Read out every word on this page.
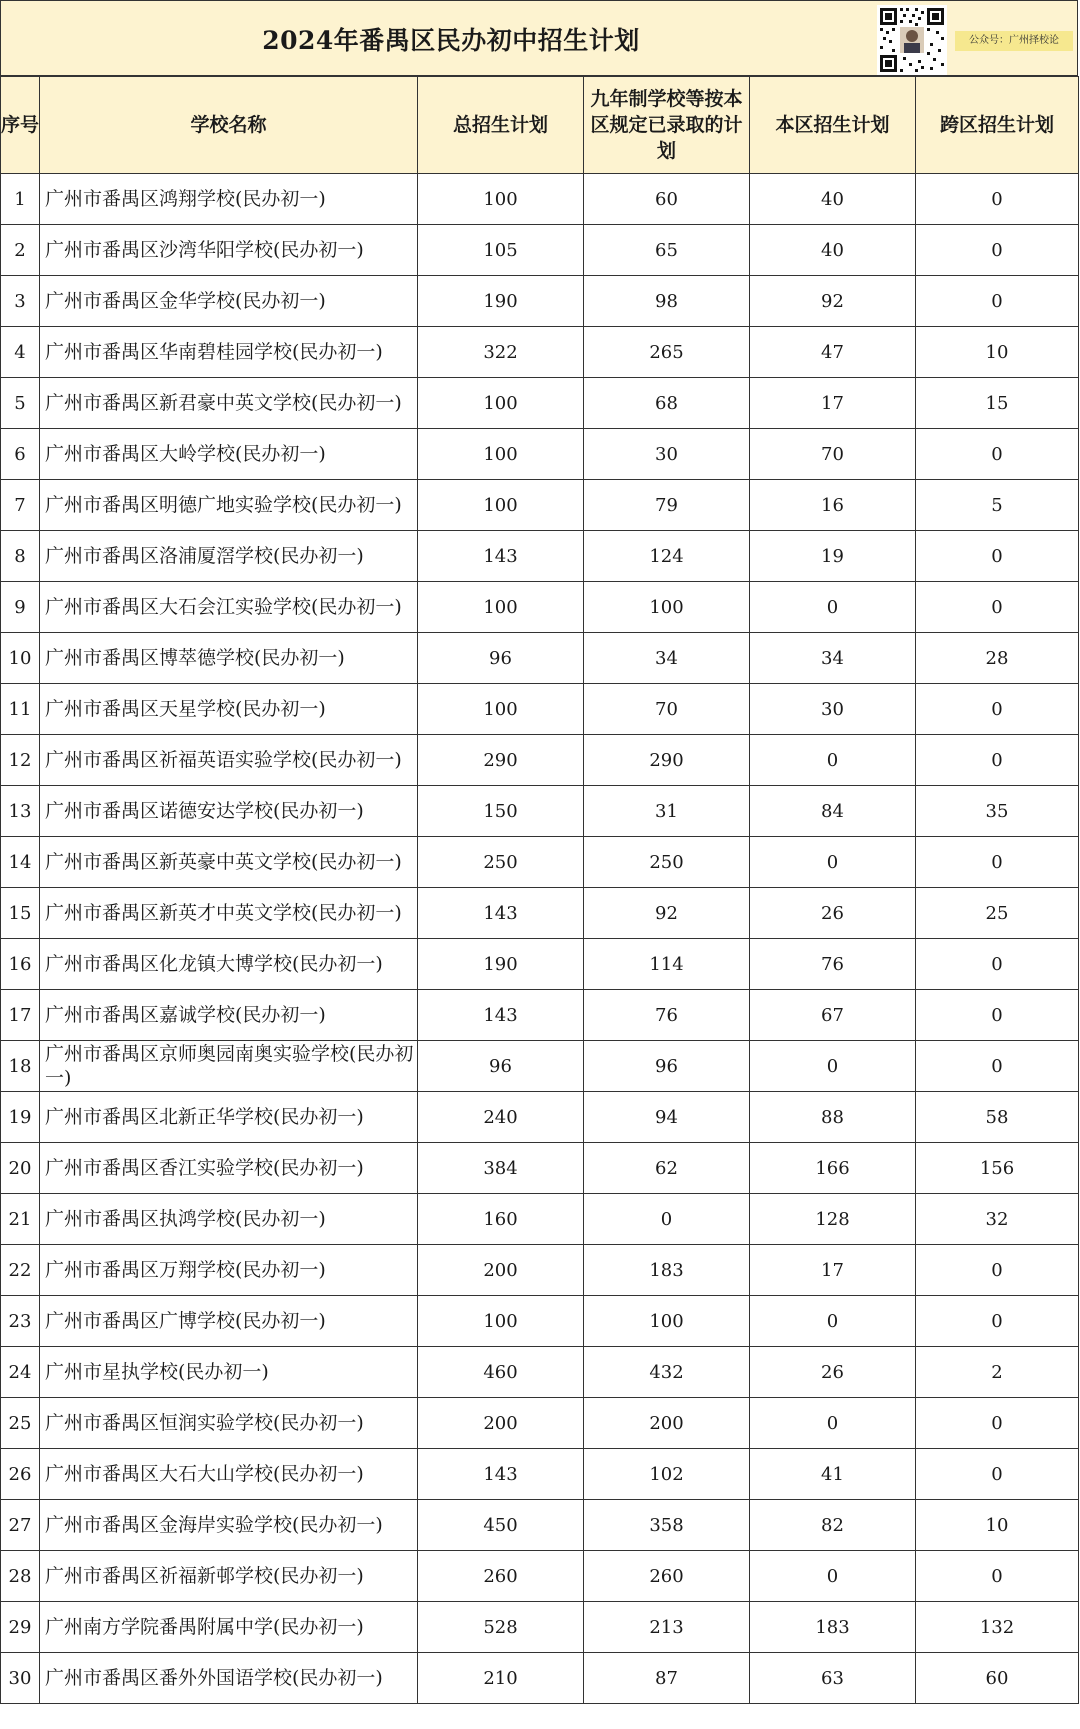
2024年番禺区民办初中招生计划	公众号：广州择校论
序号	学校名称	总招生计划	九年制学校等按本区规定已录取的计划	本区招生计划	跨区招生计划
1	广州市番禺区鸿翔学校(民办初一)	100	60	40	0
2	广州市番禺区沙湾华阳学校(民办初一)	105	65	40	0
3	广州市番禺区金华学校(民办初一)	190	98	92	0
4	广州市番禺区华南碧桂园学校(民办初一)	322	265	47	10
5	广州市番禺区新君豪中英文学校(民办初一)	100	68	17	15
6	广州市番禺区大岭学校(民办初一)	100	30	70	0
7	广州市番禺区明德广地实验学校(民办初一)	100	79	16	5
8	广州市番禺区洛浦厦滘学校(民办初一)	143	124	19	0
9	广州市番禺区大石会江实验学校(民办初一)	100	100	0	0
10	广州市番禺区博萃德学校(民办初一)	96	34	34	28
11	广州市番禺区天星学校(民办初一)	100	70	30	0
12	广州市番禺区祈福英语实验学校(民办初一)	290	290	0	0
13	广州市番禺区诺德安达学校(民办初一)	150	31	84	35
14	广州市番禺区新英豪中英文学校(民办初一)	250	250	0	0
15	广州市番禺区新英才中英文学校(民办初一)	143	92	26	25
16	广州市番禺区化龙镇大博学校(民办初一)	190	114	76	0
17	广州市番禺区嘉诚学校(民办初一)	143	76	67	0
18	广州市番禺区京师奥园南奥实验学校(民办初一)	96	96	0	0
19	广州市番禺区北新正华学校(民办初一)	240	94	88	58
20	广州市番禺区香江实验学校(民办初一)	384	62	166	156
21	广州市番禺区执鸿学校(民办初一)	160	0	128	32
22	广州市番禺区万翔学校(民办初一)	200	183	17	0
23	广州市番禺区广博学校(民办初一)	100	100	0	0
24	广州市星执学校(民办初一)	460	432	26	2
25	广州市番禺区恒润实验学校(民办初一)	200	200	0	0
26	广州市番禺区大石大山学校(民办初一)	143	102	41	0
27	广州市番禺区金海岸实验学校(民办初一)	450	358	82	10
28	广州市番禺区祈福新邨学校(民办初一)	260	260	0	0
29	广州南方学院番禺附属中学(民办初一)	528	213	183	132
30	广州市番禺区番外外国语学校(民办初一)	210	87	63	60
